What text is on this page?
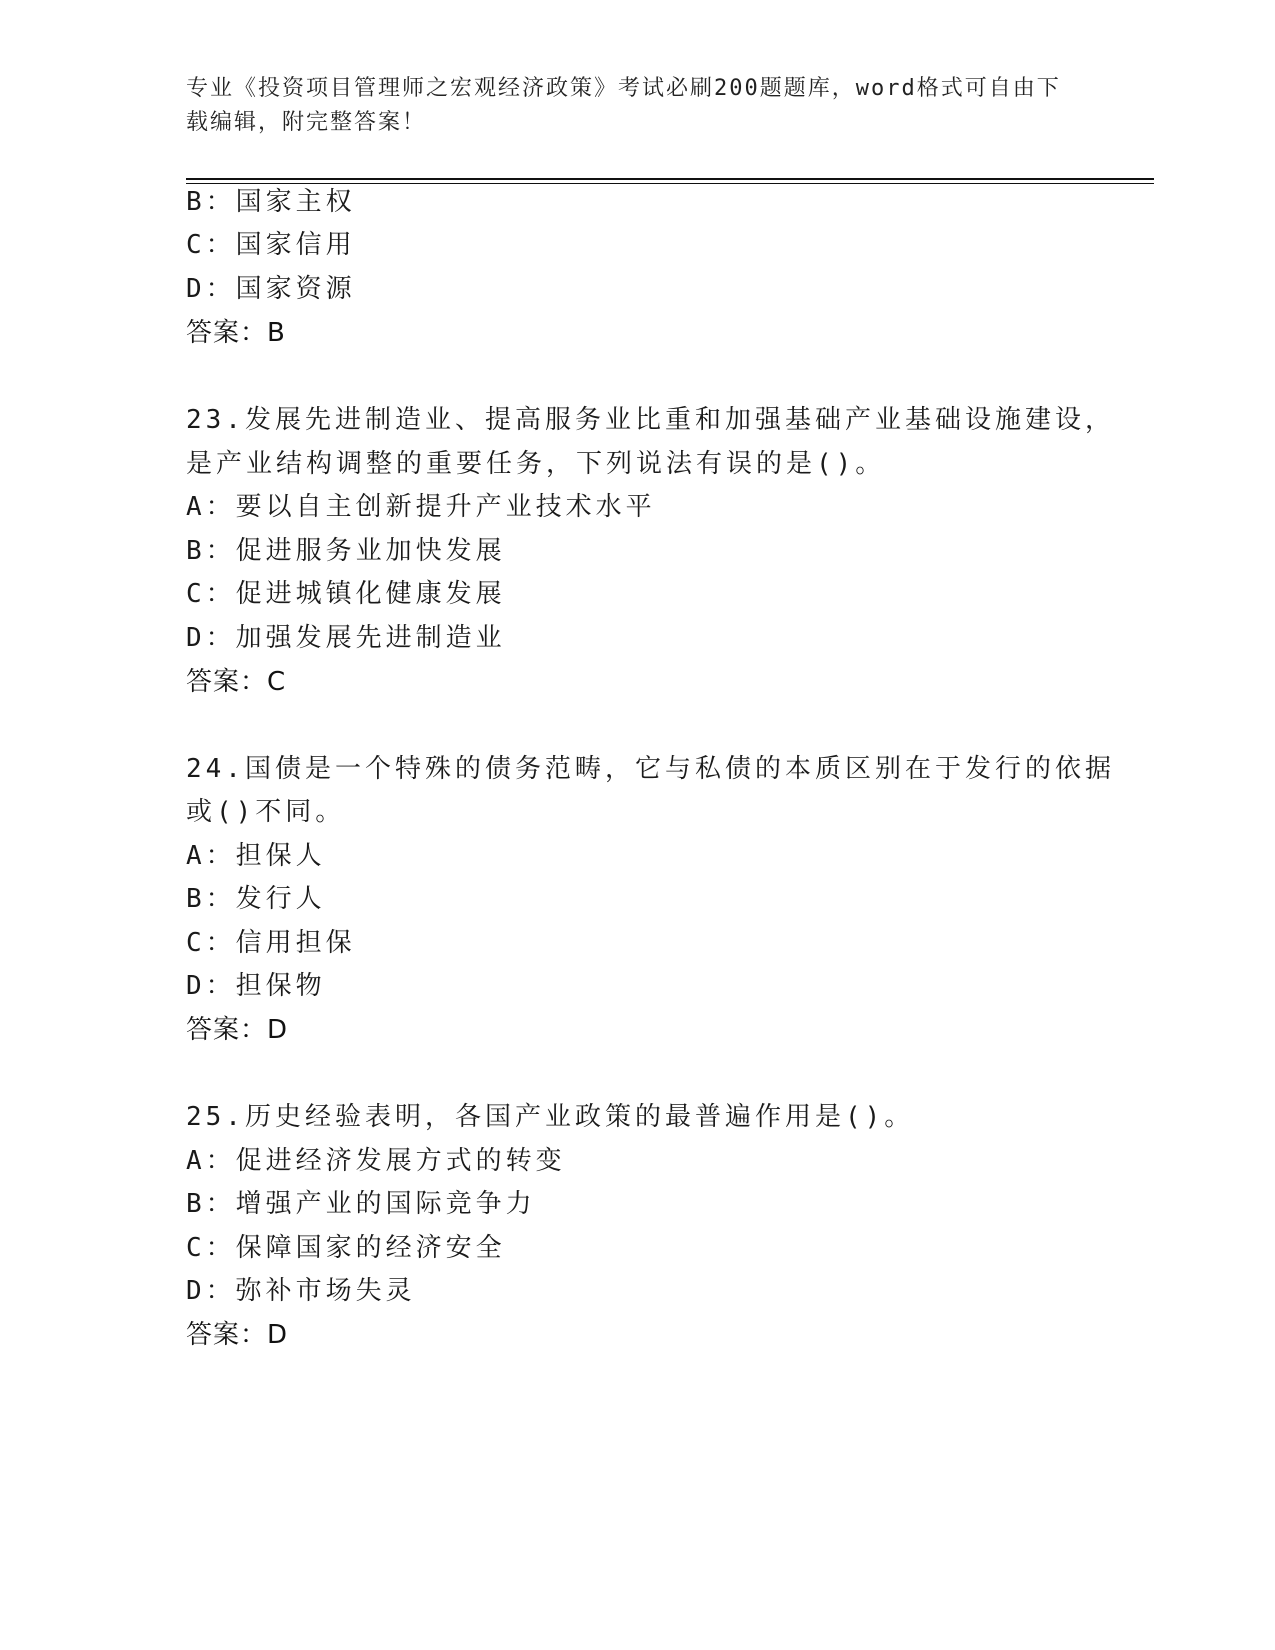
专业《投资项目管理师之宏观经济政策》考试必刷200题题库，word格式可自由下载编辑，附完整答案！
B：国家主权
C：国家信用
D：国家资源
答案：B
23.发展先进制造业、提高服务业比重和加强基础产业基础设施建设，
是产业结构调整的重要任务，下列说法有误的是()。
A：要以自主创新提升产业技术水平
B：促进服务业加快发展
C：促进城镇化健康发展
D：加强发展先进制造业
答案：C
24.国债是一个特殊的债务范畴，它与私债的本质区别在于发行的依据
或()不同。
A：担保人
B：发行人
C：信用担保
D：担保物
答案：D
25.历史经验表明，各国产业政策的最普遍作用是()。
A：促进经济发展方式的转变
B：增强产业的国际竞争力
C：保障国家的经济安全
D：弥补市场失灵
答案：D
